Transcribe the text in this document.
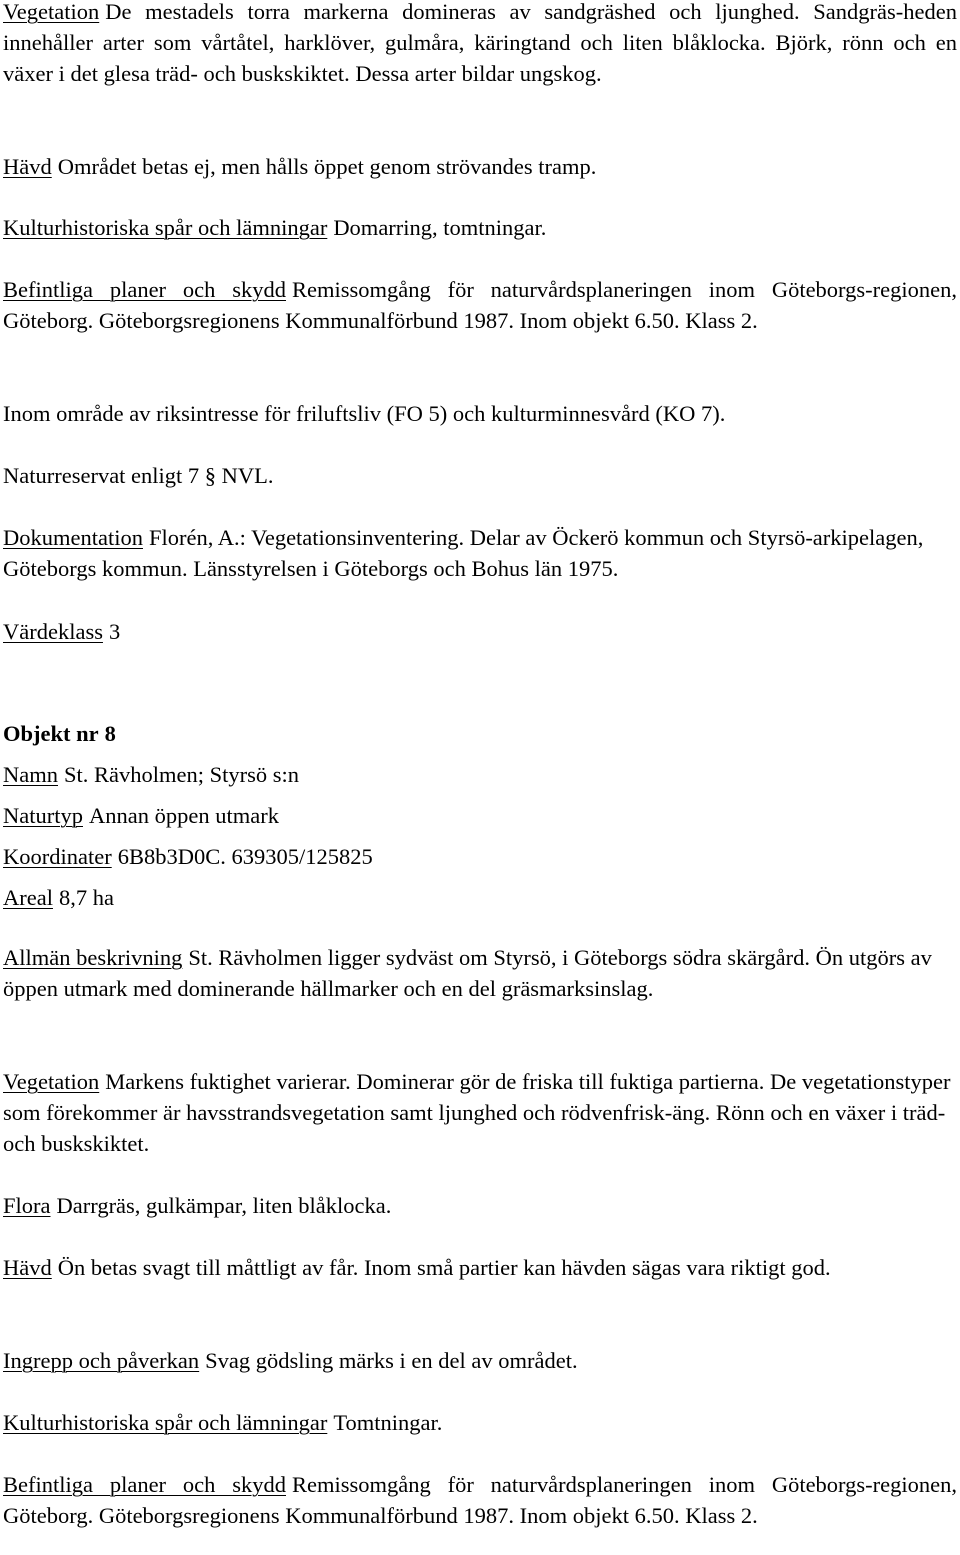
Vegetation De mestadels torra markerna domineras av sandgräshed och ljunghed. Sandgräs-heden innehåller arter som vårtåtel, harklöver, gulmåra, käringtand och liten blåklocka. Björk, rönn och en växer i det glesa träd- och buskskiktet. Dessa arter bildar ungskog.

Hävd Området betas ej, men hålls öppet genom strövandes tramp.

Kulturhistoriska spår och lämningar Domarring, tomtningar.

Befintliga planer och skydd Remissomgång för naturvårdsplaneringen inom Göteborgs-regionen, Göteborg. Göteborgsregionens Kommunalförbund 1987. Inom objekt 6.50. Klass 2.

Inom område av riksintresse för friluftsliv (FO 5) och kulturminnesvård (KO 7).

Naturreservat enligt 7 § NVL.

Dokumentation Florén, A.: Vegetationsinventering. Delar av Öckerö kommun och Styrsö-arkipelagen, Göteborgs kommun. Länsstyrelsen i Göteborgs och Bohus län 1975.

Värdeklass 3

Objekt nr 8

Namn St. Rävholmen; Styrsö s:n

Naturtyp Annan öppen utmark

Koordinater 6B8b3D0C. 639305/125825

Areal 8,7 ha

Allmän beskrivning St. Rävholmen ligger sydväst om Styrsö, i Göteborgs södra skärgård. Ön utgörs av öppen utmark med dominerande hällmarker och en del gräsmarksinslag.

Vegetation Markens fuktighet varierar. Dominerar gör de friska till fuktiga partierna. De vegetationstyper som förekommer är havsstrandsvegetation samt ljunghed och rödvenfrisk-äng. Rönn och en växer i träd- och buskskiktet.

Flora Darrgräs, gulkämpar, liten blåklocka.

Hävd Ön betas svagt till måttligt av får. Inom små partier kan hävden sägas vara riktigt god.

Ingrepp och påverkan Svag gödsling märks i en del av området.

Kulturhistoriska spår och lämningar Tomtningar.

Befintliga planer och skydd Remissomgång för naturvårdsplaneringen inom Göteborgs-regionen, Göteborg. Göteborgsregionens Kommunalförbund 1987. Inom objekt 6.50. Klass 2.
